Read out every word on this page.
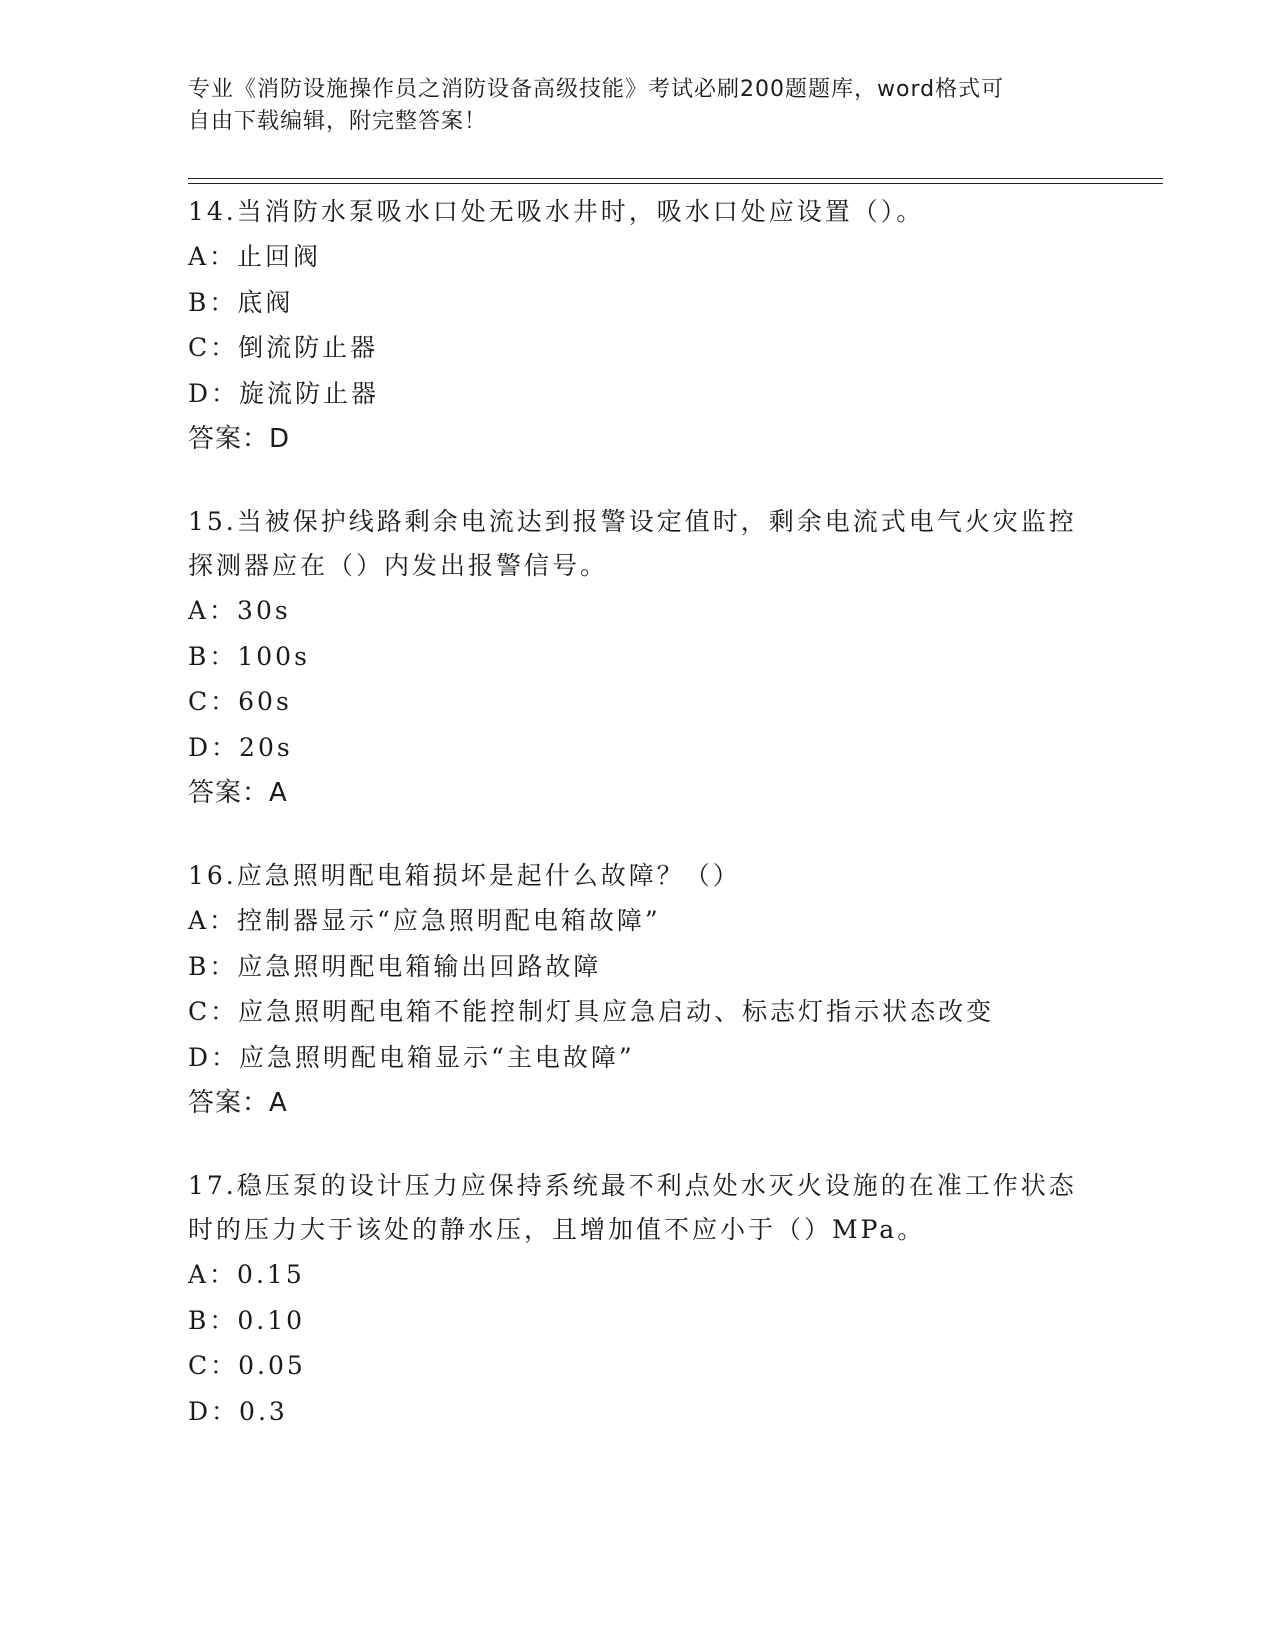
专业《消防设施操作员之消防设备高级技能》考试必刷200题题库，word格式可
自由下载编辑，附完整答案！
14.当消防水泵吸水口处无吸水井时，吸水口处应设置（）。
A：止回阀
B：底阀
C：倒流防止器
D：旋流防止器
答案：D
15.当被保护线路剩余电流达到报警设定值时，剩余电流式电气火灾监控探测器应在（）内发出报警信号。
A：30s
B：100s
C：60s
D：20s
答案：A
16.应急照明配电箱损坏是起什么故障？（）
A：控制器显示“应急照明配电箱故障”
B：应急照明配电箱输出回路故障
C：应急照明配电箱不能控制灯具应急启动、标志灯指示状态改变
D：应急照明配电箱显示“主电故障”
答案：A
17.稳压泵的设计压力应保持系统最不利点处水灭火设施的在准工作状态时的压力大于该处的静水压，且增加值不应小于（）MPa。
A：0.15
B：0.10
C：0.05
D：0.3
